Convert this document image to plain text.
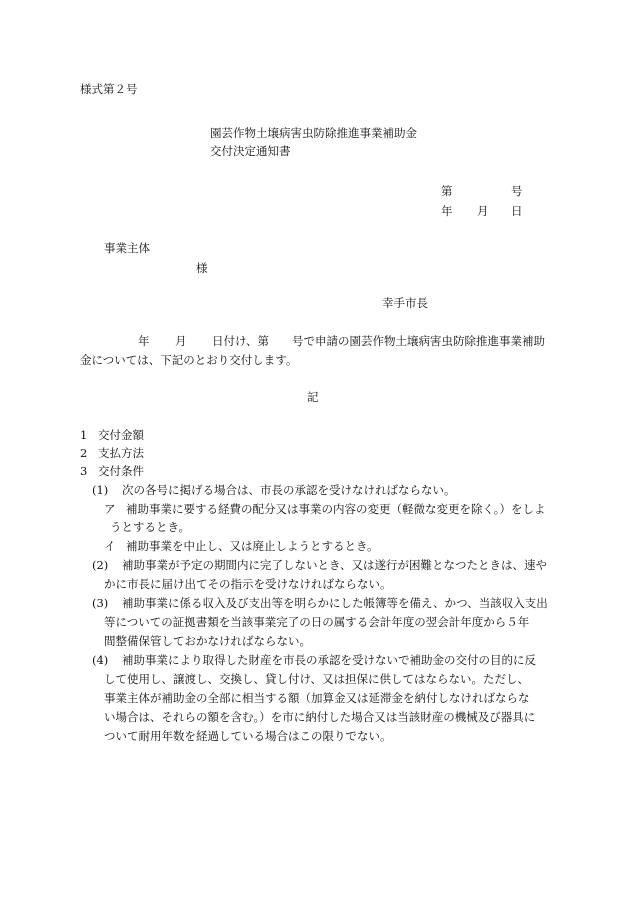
様式第２号
園芸作物土壌病害虫防除推進事業補助金
交付決定通知書
第	号
年 月 日
事業主体
様
幸手市長
年 月 日付け、第　　号で申請の園芸作物土壌病害虫防除推進事業補助
金については、下記のとおり交付します。
記
1 交付金額
2 支払方法
3 交付条件
(1) 次の各号に掲げる場合は、市長の承認を受けなければならない。
ア 補助事業に要する経費の配分又は事業の内容の変更（軽微な変更を除く。）をしよ
うとするとき。
イ 補助事業を中止し、又は廃止しようとするとき。
(2) 補助事業が予定の期間内に完了しないとき、又は遂行が困難となつたときは、速や
かに市長に届け出てその指示を受けなければならない。
(3) 補助事業に係る収入及び支出等を明らかにした帳簿等を備え、かつ、当該収入支出
等についての証拠書類を当該事業完了の日の属する会計年度の翌会計年度から５年
間整備保管しておかなければならない。
(4) 補助事業により取得した財産を市長の承認を受けないで補助金の交付の目的に反
して使用し、譲渡し、交換し、貸し付け、又は担保に供してはならない。ただし、
事業主体が補助金の全部に相当する額（加算金又は延滞金を納付しなければならな
い場合は、それらの額を含む。）を市に納付した場合又は当該財産の機械及び器具に
ついて耐用年数を経過している場合はこの限りでない。
